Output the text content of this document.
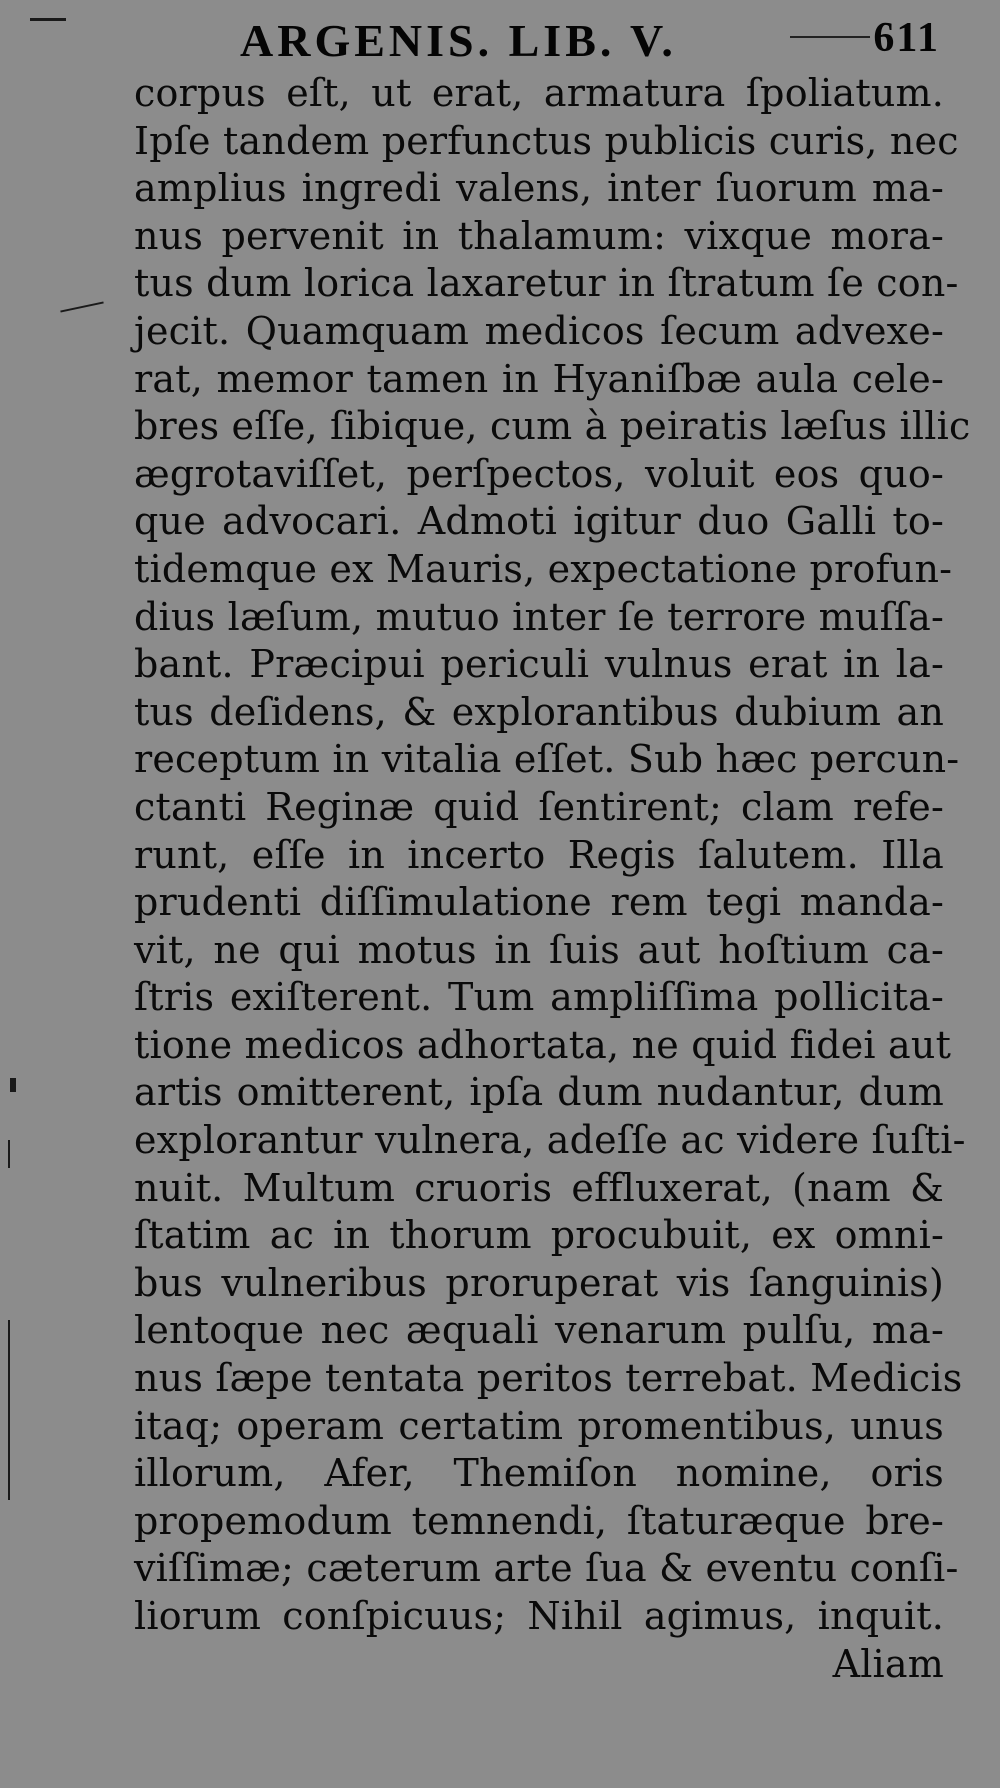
ARGENIS. LIB. V.	611
corpus eſt, ut erat, armatura ſpoliatum.
Ipſe tandem perfunctus publicis curis, nec
amplius ingredi valens, inter ſuorum ma-
nus pervenit in thalamum: vixque mora-
tus dum lorica laxaretur in ſtratum ſe con-
jecit. Quamquam medicos ſecum advexe-
rat, memor tamen in Hyaniſbæ aula cele-
bres eſſe, ſibique, cum à peiratis læſus illic
ægrotaviſſet, perſpectos, voluit eos quo-
que advocari. Admoti igitur duo Galli to-
tidemque ex Mauris, expectatione profun-
dius læſum, mutuo inter ſe terrore muſſa-
bant. Præcipui periculi vulnus erat in la-
tus deſidens, & explorantibus dubium an
receptum in vitalia eſſet. Sub hæc percun-
ctanti Reginæ quid ſentirent; clam refe-
runt, eſſe in incerto Regis ſalutem. Illa
prudenti diſſimulatione rem tegi manda-
vit, ne qui motus in ſuis aut hoſtium ca-
ſtris exiſterent. Tum ampliſſima pollicita-
tione medicos adhortata, ne quid fidei aut
artis omitterent, ipſa dum nudantur, dum
explorantur vulnera, adeſſe ac videre ſuſti-
nuit. Multum cruoris effluxerat, (nam &
ſtatim ac in thorum procubuit, ex omni-
bus vulneribus proruperat vis ſanguinis)
lentoque nec æquali venarum pulſu, ma-
nus ſæpe tentata peritos terrebat. Medicis
itaq; operam certatim promentibus, unus
illorum, Afer, Themiſon nomine, oris
propemodum temnendi, ſtaturæque bre-
viſſimæ; cæterum arte ſua & eventu conſi-
liorum conſpicuus; Nihil agimus, inquit.
Aliam
